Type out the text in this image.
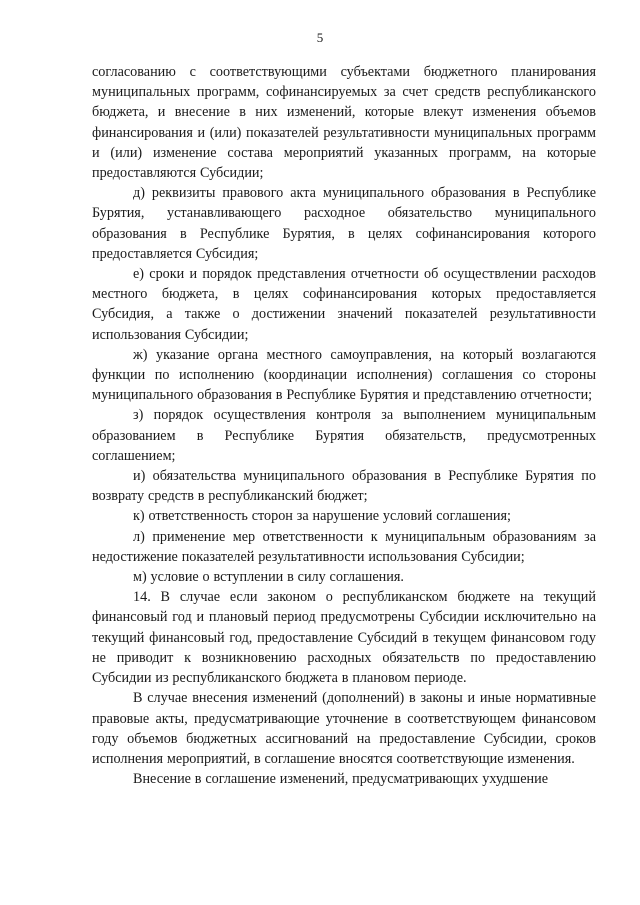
5

согласованию с соответствующими субъектами бюджетного планирования муниципальных программ, софинансируемых за счет средств республиканского бюджета, и внесение в них изменений, которые влекут изменения объемов финансирования и (или) показателей результативности муниципальных программ и (или) изменение состава мероприятий указанных программ, на которые предоставляются Субсидии;

д) реквизиты правового акта муниципального образования в Республике Бурятия, устанавливающего расходное обязательство муниципального образования в Республике Бурятия, в целях софинансирования которого предоставляется Субсидия;

е) сроки и порядок представления отчетности об осуществлении расходов местного бюджета, в целях софинансирования которых предоставляется Субсидия, а также о достижении значений показателей результативности использования Субсидии;

ж) указание органа местного самоуправления, на который возлагаются функции по исполнению (координации исполнения) соглашения со стороны муниципального образования в Республике Бурятия и представлению отчетности;

з) порядок осуществления контроля за выполнением муниципальным образованием в Республике Бурятия обязательств, предусмотренных соглашением;

и) обязательства муниципального образования в Республике Бурятия по возврату средств в республиканский бюджет;

к) ответственность сторон за нарушение условий соглашения;

л) применение мер ответственности к муниципальным образованиям за недостижение показателей результативности использования Субсидии;

м) условие о вступлении в силу соглашения.

14. В случае если законом о республиканском бюджете на текущий финансовый год и плановый период предусмотрены Субсидии исключительно на текущий финансовый год, предоставление Субсидий в текущем финансовом году не приводит к возникновению расходных обязательств по предоставлению Субсидии из республиканского бюджета в плановом периоде.

В случае внесения изменений (дополнений) в законы и иные нормативные правовые акты, предусматривающие уточнение в соответствующем финансовом году объемов бюджетных ассигнований на предоставление Субсидии, сроков исполнения мероприятий, в соглашение вносятся соответствующие изменения.

Внесение в соглашение изменений, предусматривающих ухудшение
